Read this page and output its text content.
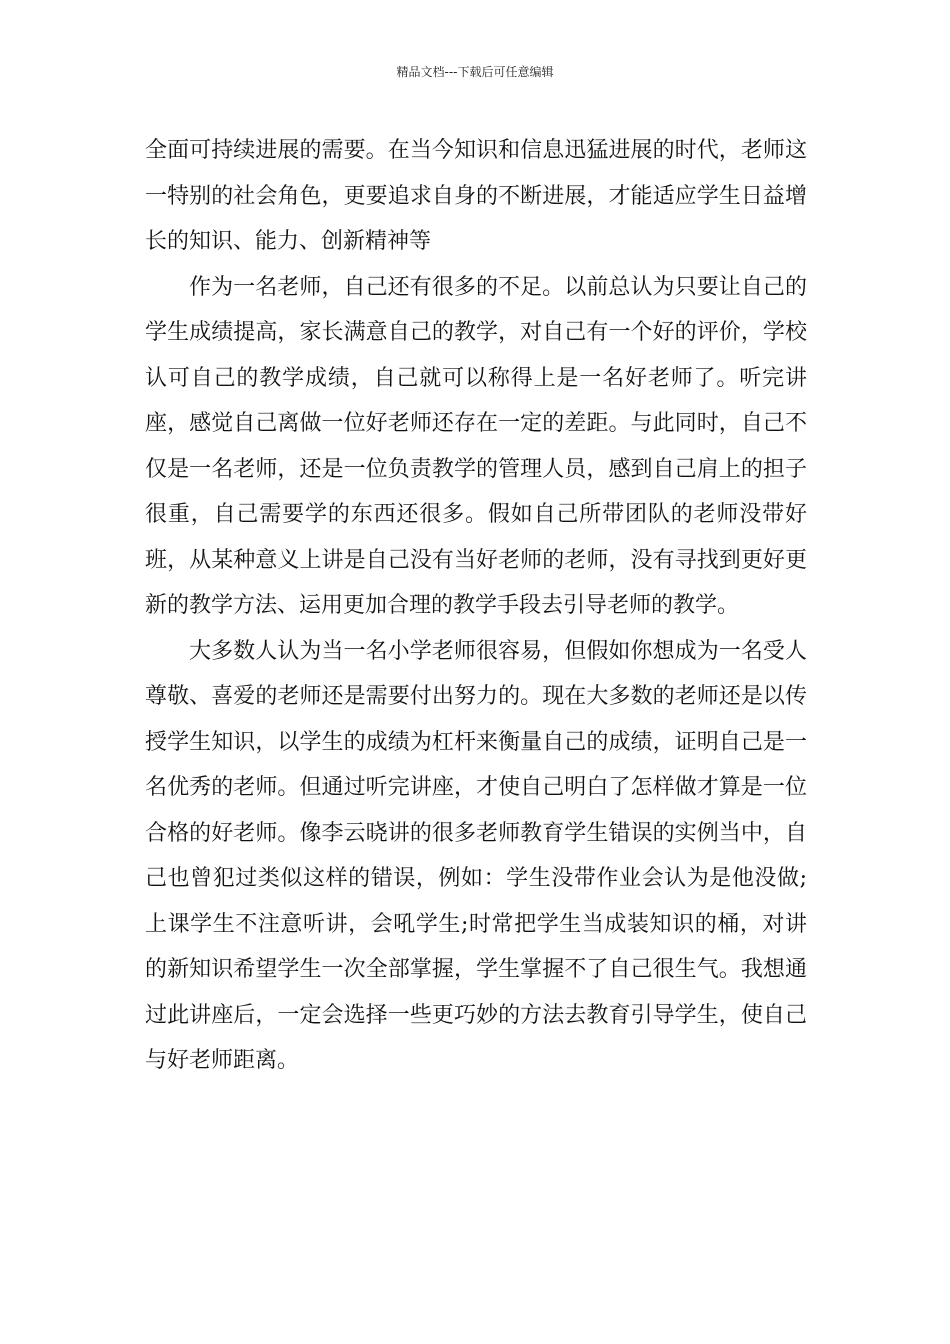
精品文档---下载后可任意编辑

全面可持续进展的需要。在当今知识和信息迅猛进展的时代，老师这一特别的社会角色，更要追求自身的不断进展，才能适应学生日益增长的知识、能力、创新精神等

作为一名老师，自己还有很多的不足。以前总认为只要让自己的学生成绩提高，家长满意自己的教学，对自己有一个好的评价，学校认可自己的教学成绩，自己就可以称得上是一名好老师了。听完讲座，感觉自己离做一位好老师还存在一定的差距。与此同时，自己不仅是一名老师，还是一位负责教学的管理人员，感到自己肩上的担子很重，自己需要学的东西还很多。假如自己所带团队的老师没带好班，从某种意义上讲是自己没有当好老师的老师，没有寻找到更好更新的教学方法、运用更加合理的教学手段去引导老师的教学。

大多数人认为当一名小学老师很容易，但假如你想成为一名受人尊敬、喜爱的老师还是需要付出努力的。现在大多数的老师还是以传授学生知识，以学生的成绩为杠杆来衡量自己的成绩，证明自己是一名优秀的老师。但通过听完讲座，才使自己明白了怎样做才算是一位合格的好老师。像李云晓讲的很多老师教育学生错误的实例当中，自己也曾犯过类似这样的错误，例如：学生没带作业会认为是他没做;上课学生不注意听讲，会吼学生;时常把学生当成装知识的桶，对讲的新知识希望学生一次全部掌握，学生掌握不了自己很生气。我想通过此讲座后，一定会选择一些更巧妙的方法去教育引导学生，使自己与好老师距离。
